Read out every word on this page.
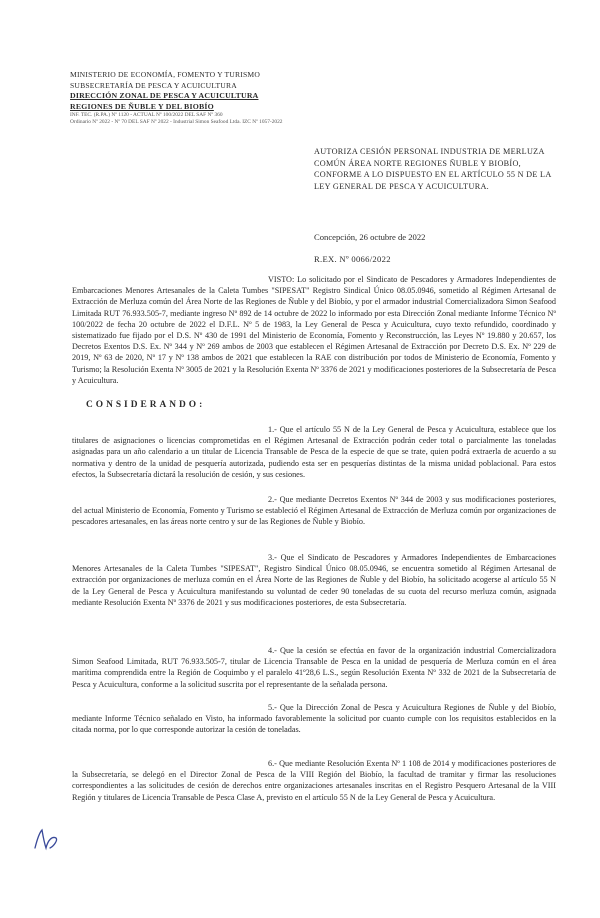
MINISTERIO DE ECONOMÍA, FOMENTO Y TURISMO
SUBSECRETARÍA DE PESCA Y ACUICULTURA
DIRECCIÓN ZONAL DE PESCA Y ACUICULTURA
REGIONES DE ÑUBLE Y DEL BIOBÍO
INF. TEC. (R.PA.) Nº 1120 - ACTUAL Nº 100/2022 DEL SAF Nº 360
Ordinario Nº 2022 - Nº 70 DEL SAF Nº 2022 - Industrial Simon Seafood Ltda. IZC Nº 1057-2022
AUTORIZA CESIÓN PERSONAL INDUSTRIA DE MERLUZA COMÚN ÁREA NORTE REGIONES ÑUBLE Y BIOBÍO, CONFORME A LO DISPUESTO EN EL ARTÍCULO 55 N DE LA LEY GENERAL DE PESCA Y ACUICULTURA.
Concepción, 26 octubre de 2022
R.EX. Nº 0066/2022
VISTO: Lo solicitado por el Sindicato de Pescadores y Armadores Independientes de Embarcaciones Menores Artesanales de la Caleta Tumbes "SIPESAT" Registro Sindical Único 08.05.0946, sometido al Régimen Artesanal de Extracción de Merluza común del Área Norte de las Regiones de Ñuble y del Biobío, y por el armador industrial Comercializadora Simon Seafood Limitada RUT 76.933.505-7, mediante ingreso Nº 892 de 14 octubre de 2022 lo informado por esta Dirección Zonal mediante Informe Técnico Nº 100/2022 de fecha 20 octubre de 2022 el D.F.L. Nº 5 de 1983, la Ley General de Pesca y Acuicultura, cuyo texto refundido, coordinado y sistematizado fue fijado por el D.S. Nº 430 de 1991 del Ministerio de Economía, Fomento y Reconstrucción, las Leyes Nº 19.880 y 20.657, los Decretos Exentos D.S. Ex. Nº 344 y Nº 269 ambos de 2003 que establecen el Régimen Artesanal de Extracción por Decreto D.S. Ex. Nº 229 de 2019, Nº 63 de 2020, Nº 17 y Nº 138 ambos de 2021 que establecen la RAE con distribución por todos de Ministerio de Economía, Fomento y Turismo; la Resolución Exenta Nº 3005 de 2021 y la Resolución Exenta Nº 3376 de 2021 y modificaciones posteriores de la Subsecretaría de Pesca y Acuicultura.
CONSIDERANDO:
1.- Que el artículo 55 N de la Ley General de Pesca y Acuicultura, establece que los titulares de asignaciones o licencias comprometidas en el Régimen Artesanal de Extracción podrán ceder total o parcialmente las toneladas asignadas para un año calendario a un titular de Licencia Transable de Pesca de la especie de que se trate, quien podrá extraerla de acuerdo a su normativa y dentro de la unidad de pesquería autorizada, pudiendo esta ser en pesquerías distintas de la misma unidad poblacional. Para estos efectos, la Subsecretaría dictará la resolución de cesión, y sus cesiones.
2.- Que mediante Decretos Exentos Nº 344 de 2003 y sus modificaciones posteriores, del actual Ministerio de Economía, Fomento y Turismo se estableció el Régimen Artesanal de Extracción de Merluza común por organizaciones de pescadores artesanales, en las áreas norte centro y sur de las Regiones de Ñuble y Biobío.
3.- Que el Sindicato de Pescadores y Armadores Independientes de Embarcaciones Menores Artesanales de la Caleta Tumbes "SIPESAT", Registro Sindical Único 08.05.0946, se encuentra sometido al Régimen Artesanal de extracción por organizaciones de merluza común en el Área Norte de las Regiones de Ñuble y del Biobío, ha solicitado acogerse al artículo 55 N de la Ley General de Pesca y Acuicultura manifestando su voluntad de ceder 90 toneladas de su cuota del recurso merluza común, asignada mediante Resolución Exenta Nº 3376 de 2021 y sus modificaciones posteriores, de esta Subsecretaría.
4.- Que la cesión se efectúa en favor de la organización industrial Comercializadora Simon Seafood Limitada, RUT 76.933.505-7, titular de Licencia Transable de Pesca en la unidad de pesquería de Merluza común en el área marítima comprendida entre la Región de Coquimbo y el paralelo 41º28,6 L.S., según Resolución Exenta Nº 332 de 2021 de la Subsecretaría de Pesca y Acuicultura, conforme a la solicitud suscrita por el representante de la señalada persona.
5.- Que la Dirección Zonal de Pesca y Acuicultura Regiones de Ñuble y del Biobío, mediante Informe Técnico señalado en Visto, ha informado favorablemente la solicitud por cuanto cumple con los requisitos establecidos en la citada norma, por lo que corresponde autorizar la cesión de toneladas.
6.- Que mediante Resolución Exenta Nº 1 108 de 2014 y modificaciones posteriores de la Subsecretaría, se delegó en el Director Zonal de Pesca de la VIII Región del Biobío, la facultad de tramitar y firmar las resoluciones correspondientes a las solicitudes de cesión de derechos entre organizaciones artesanales inscritas en el Registro Pesquero Artesanal de la VIII Región y titulares de Licencia Transable de Pesca Clase A, previsto en el artículo 55 N de la Ley General de Pesca y Acuicultura.
